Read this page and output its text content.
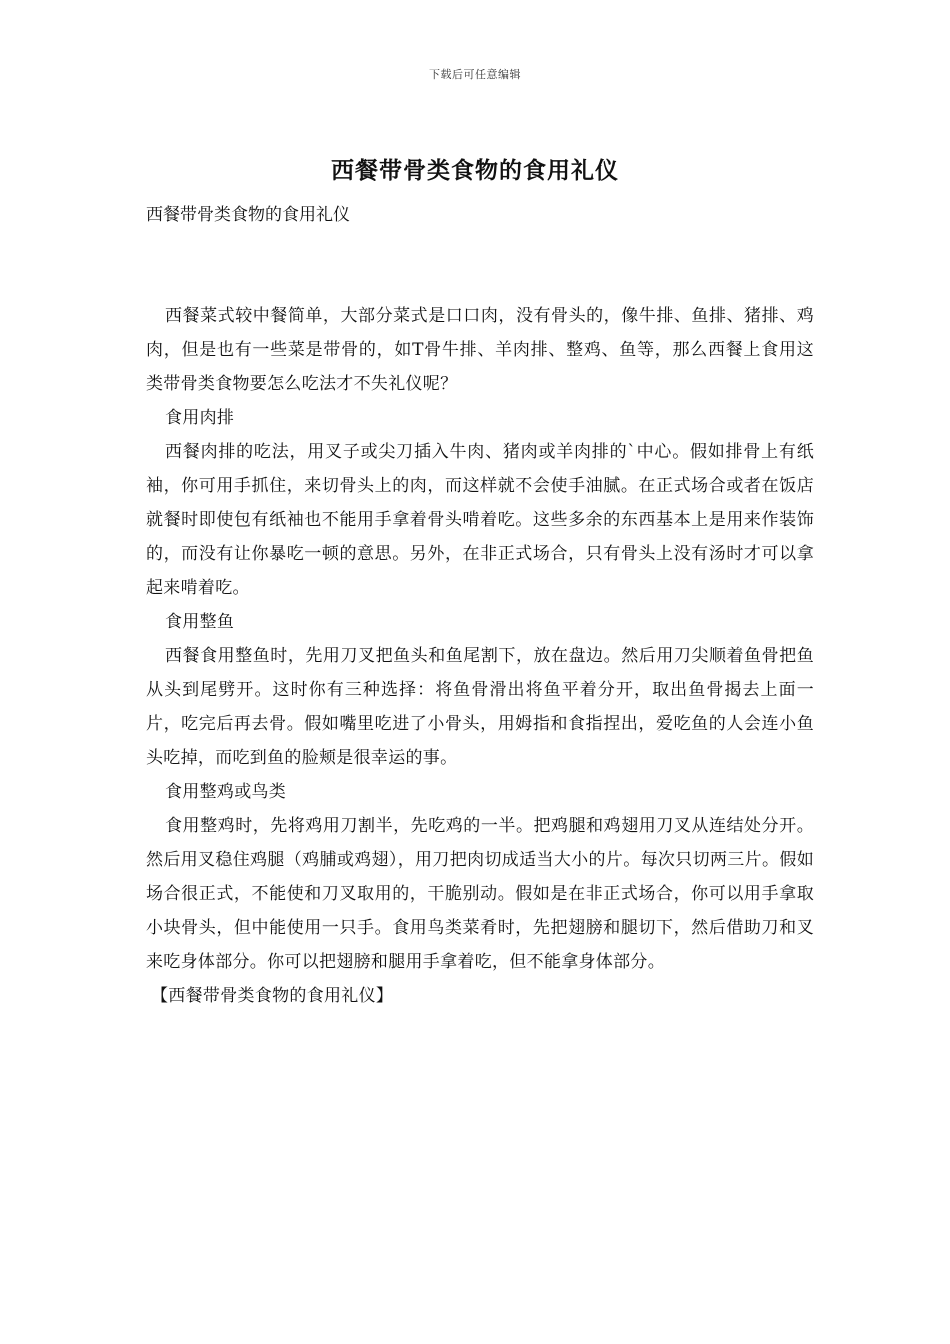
下载后可任意编辑
西餐带骨类食物的食用礼仪

西餐带骨类食物的食用礼仪

西餐菜式较中餐简单，大部分菜式是口口肉，没有骨头的，像牛排、鱼排、猪排、鸡肉，但是也有一些菜是带骨的，如T骨牛排、羊肉排、整鸡、鱼等，那么西餐上食用这类带骨类食物要怎么吃法才不失礼仪呢？

食用肉排

西餐肉排的吃法，用叉子或尖刀插入牛肉、猪肉或羊肉排的`中心。假如排骨上有纸袖，你可用手抓住，来切骨头上的肉，而这样就不会使手油腻。在正式场合或者在饭店就餐时即使包有纸袖也不能用手拿着骨头啃着吃。这些多余的东西基本上是用来作装饰的，而没有让你暴吃一顿的意思。另外，在非正式场合，只有骨头上没有汤时才可以拿起来啃着吃。

食用整鱼

西餐食用整鱼时，先用刀叉把鱼头和鱼尾割下，放在盘边。然后用刀尖顺着鱼骨把鱼从头到尾劈开。这时你有三种选择：将鱼骨滑出将鱼平着分开，取出鱼骨揭去上面一片，吃完后再去骨。假如嘴里吃进了小骨头，用姆指和食指捏出，爱吃鱼的人会连小鱼头吃掉，而吃到鱼的脸颊是很幸运的事。

食用整鸡或鸟类

食用整鸡时，先将鸡用刀割半，先吃鸡的一半。把鸡腿和鸡翅用刀叉从连结处分开。然后用叉稳住鸡腿（鸡脯或鸡翅），用刀把肉切成适当大小的片。每次只切两三片。假如场合很正式，不能使和刀叉取用的，干脆别动。假如是在非正式场合，你可以用手拿取小块骨头，但中能使用一只手。食用鸟类菜肴时，先把翅膀和腿切下，然后借助刀和叉来吃身体部分。你可以把翅膀和腿用手拿着吃，但不能拿身体部分。

【西餐带骨类食物的食用礼仪】
